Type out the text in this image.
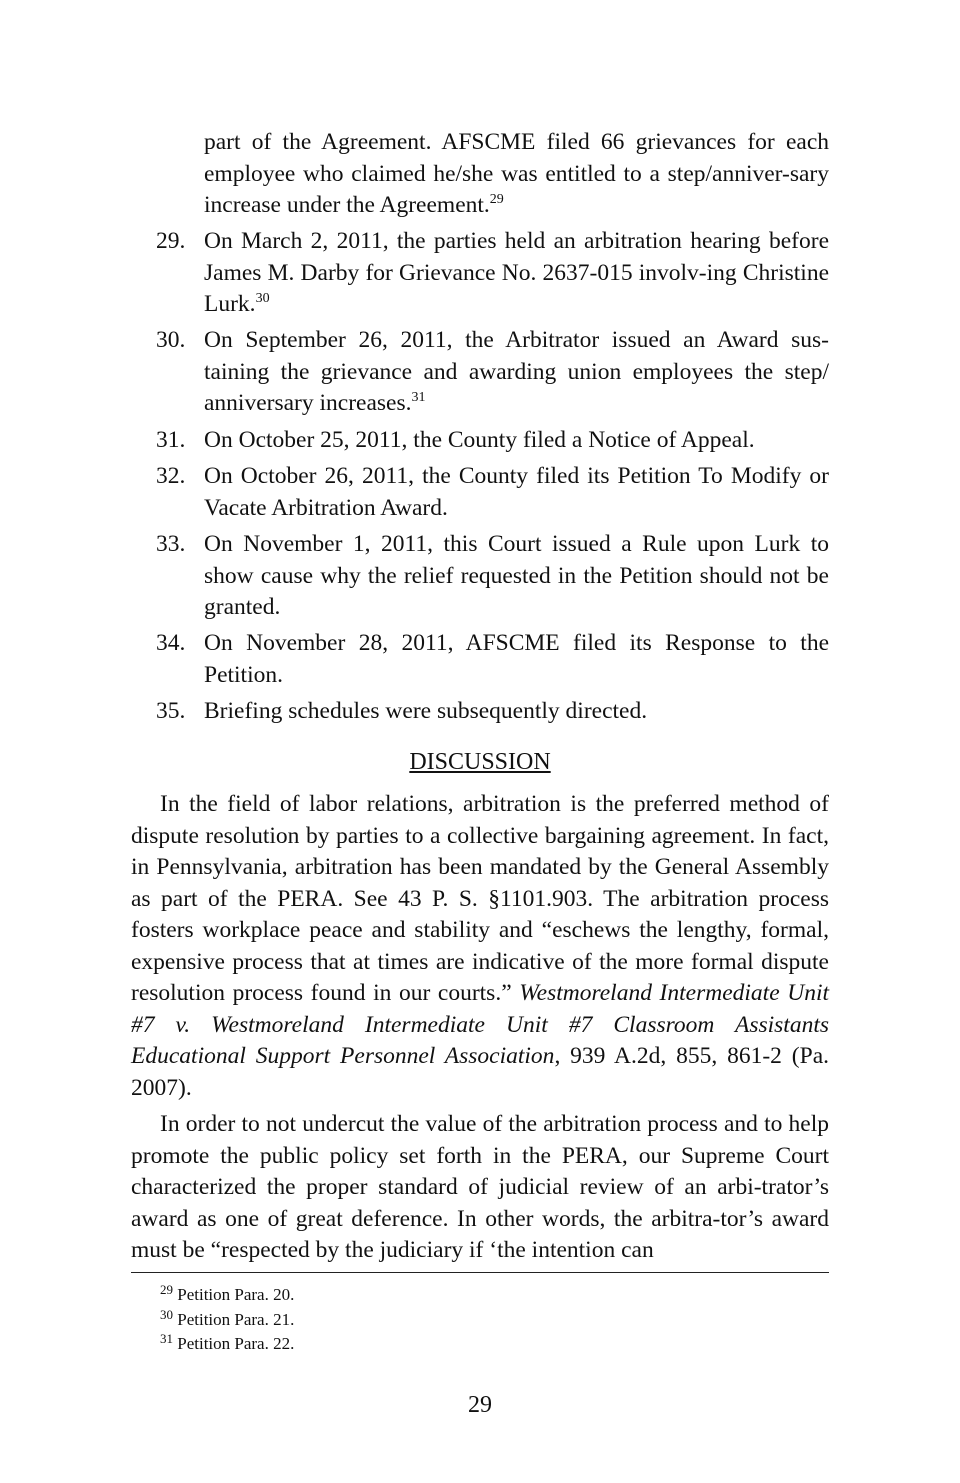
part of the Agreement. AFSCME filed 66 grievances for each employee who claimed he/she was entitled to a step/anniver-sary increase under the Agreement.$^{29}$
29. On March 2, 2011, the parties held an arbitration hearing before James M. Darby for Grievance No. 2637-015 involv-ing Christine Lurk.$^{30}$
30. On September 26, 2011, the Arbitrator issued an Award sus-taining the grievance and awarding union employees the step/ anniversary increases.$^{31}$
31. On October 25, 2011, the County filed a Notice of Appeal.
32. On October 26, 2011, the County filed its Petition To Modify or Vacate Arbitration Award.
33. On November 1, 2011, this Court issued a Rule upon Lurk to show cause why the relief requested in the Petition should not be granted.
34. On November 28, 2011, AFSCME filed its Response to the Petition.
35. Briefing schedules were subsequently directed.
DISCUSSION
In the field of labor relations, arbitration is the preferred method of dispute resolution by parties to a collective bargaining agreement. In fact, in Pennsylvania, arbitration has been mandated by the General Assembly as part of the PERA. See 43 P. S. §1101.903. The arbitration process fosters workplace peace and stability and “eschews the lengthy, formal, expensive process that at times are indicative of the more formal dispute resolution process found in our courts.” Westmoreland Intermediate Unit #7 v. Westmoreland Intermediate Unit #7 Classroom Assistants Educational Support Personnel Association, 939 A.2d, 855, 861-2 (Pa. 2007).
In order to not undercut the value of the arbitration process and to help promote the public policy set forth in the PERA, our Supreme Court characterized the proper standard of judicial review of an arbi-trator’s award as one of great deference. In other words, the arbitra-tor’s award must be “respected by the judiciary if ‘the intention can
$^{29}$ Petition Para. 20.
$^{30}$ Petition Para. 21.
$^{31}$ Petition Para. 22.
29
